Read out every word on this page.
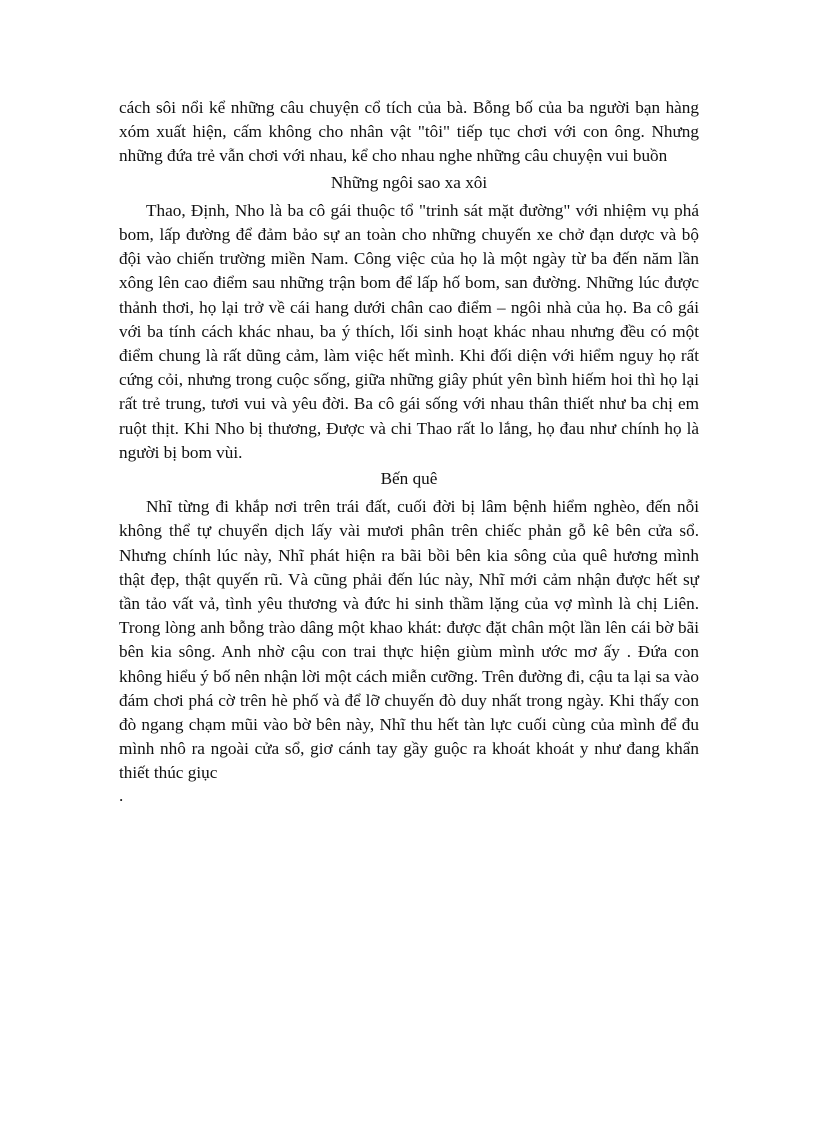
cách sôi nổi kể những câu chuyện cổ tích của bà. Bỗng bố của ba người bạn hàng xóm xuất hiện, cấm không cho nhân vật "tôi" tiếp tục chơi với con ông. Nhưng những đứa trẻ vẫn chơi với nhau, kể cho nhau nghe những câu chuyện vui buồn

Những ngôi sao xa xôi

Thao, Định, Nho là ba cô gái thuộc tổ "trinh sát mặt đường" với nhiệm vụ phá bom, lấp đường để đảm bảo sự an toàn cho những chuyến xe chở đạn dược và bộ đội vào chiến trường miền Nam. Công việc của họ là một ngày từ ba đến năm lần xông lên cao điểm sau những trận bom để lấp hố bom, san đường. Những lúc được thảnh thơi, họ lại trở về cái hang dưới chân cao điểm – ngôi nhà của họ. Ba cô gái với ba tính cách khác nhau, ba ý thích, lối sinh hoạt khác nhau nhưng đều có một điểm chung là rất dũng cảm, làm việc hết mình. Khi đối diện với hiểm nguy họ rất cứng cỏi, nhưng trong cuộc sống, giữa những giây phút yên bình hiếm hoi thì họ lại rất trẻ trung, tươi vui và yêu đời. Ba cô gái sống với nhau thân thiết như ba chị em ruột thịt. Khi Nho bị thương, Được và chi Thao rất lo lắng, họ đau như chính họ là người bị bom vùi.

Bến quê

Nhĩ từng đi khắp nơi trên trái đất, cuối đời bị lâm bệnh hiểm nghèo, đến nỗi không thể tự chuyển dịch lấy vài mươi phân trên chiếc phản gỗ kê bên cửa sổ. Nhưng chính lúc này, Nhĩ phát hiện ra bãi bồi bên kia sông của quê hương mình thật đẹp, thật quyến rũ. Và cũng phải đến lúc này, Nhĩ mới cảm nhận được hết sự tần tảo vất vả, tình yêu thương và đức hi sinh thầm lặng của vợ mình là chị Liên. Trong lòng anh bỗng trào dâng một khao khát: được đặt chân một lần lên cái bờ bãi bên kia sông. Anh nhờ cậu con trai thực hiện giùm mình ước mơ ấy . Đứa con không hiểu ý bố nên nhận lời một cách miễn cưỡng. Trên đường đi, cậu ta lại sa vào đám chơi phá cờ trên hè phố và để lỡ chuyến đò duy nhất trong ngày. Khi thấy con đò ngang chạm mũi vào bờ bên này, Nhĩ thu hết tàn lực cuối cùng của mình để đu mình nhô ra ngoài cửa sổ, giơ cánh tay gầy guộc ra khoát khoát y như đang khẩn thiết thúc giục

.
